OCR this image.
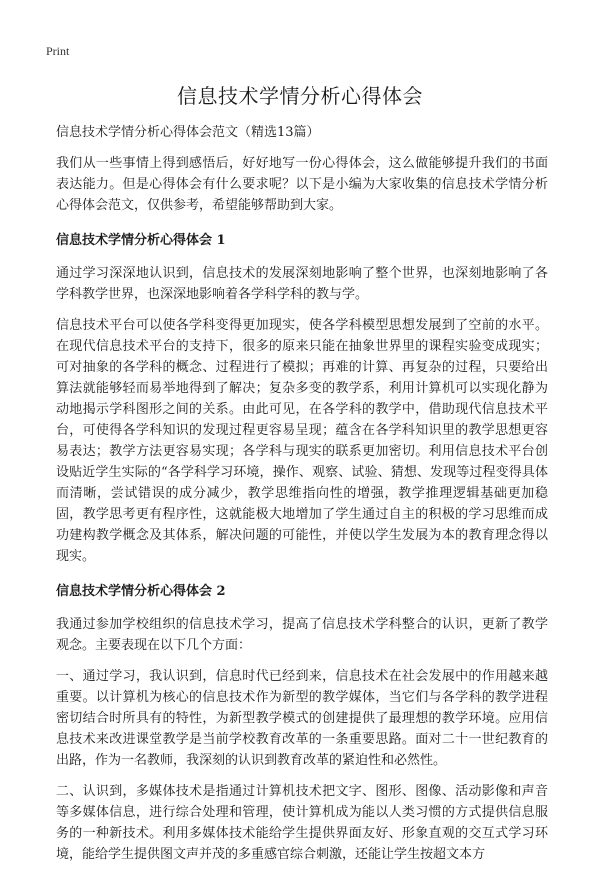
Print
信息技术学情分析心得体会

信息技术学情分析心得体会范文（精选13篇）

我们从一些事情上得到感悟后，好好地写一份心得体会，这么做能够提升我们的书面表达能力。但是心得体会有什么要求呢？以下是小编为大家收集的信息技术学情分析心得体会范文，仅供参考，希望能够帮助到大家。

信息技术学情分析心得体会 1

通过学习深深地认识到，信息技术的发展深刻地影响了整个世界，也深刻地影响了各学科教学世界，也深深地影响着各学科学科的教与学。

信息技术平台可以使各学科变得更加现实，使各学科模型思想发展到了空前的水平。在现代信息技术平台的支持下，很多的原来只能在抽象世界里的课程实验变成现实；可对抽象的各学科的概念、过程进行了模拟；再难的计算、再复杂的过程，只要给出算法就能够轻而易举地得到了解决；复杂多变的教学系，利用计算机可以实现化静为动地揭示学科图形之间的关系。由此可见，在各学科的教学中，借助现代信息技术平台，可使得各学科知识的发现过程更容易呈现；蕴含在各学科知识里的教学思想更容易表达；教学方法更容易实现；各学科与现实的联系更加密切。利用信息技术平台创设贴近学生实际的“各学科学习环境，操作、观察、试验、猜想、发现等过程变得具体而清晰，尝试错误的成分减少，教学思维指向性的增强，教学推理逻辑基础更加稳固，教学思考更有程序性，这就能极大地增加了学生通过自主的积极的学习思维而成功建构教学概念及其体系，解决问题的可能性，并使以学生发展为本的教育理念得以现实。

信息技术学情分析心得体会 2

我通过参加学校组织的信息技术学习，提高了信息技术学科整合的认识，更新了教学观念。主要表现在以下几个方面：

一、通过学习，我认识到，信息时代已经到来，信息技术在社会发展中的作用越来越重要。以计算机为核心的信息技术作为新型的教学媒体，当它们与各学科的教学进程密切结合时所具有的特性，为新型教学模式的创建提供了最理想的教学环境。应用信息技术来改进课堂教学是当前学校教育改革的一条重要思路。面对二十一世纪教育的出路，作为一名教师，我深刻的认识到教育改革的紧迫性和必然性。

二、认识到，多媒体技术是指通过计算机技术把文字、图形、图像、活动影像和声音等多媒体信息，进行综合处理和管理，使计算机成为能以人类习惯的方式提供信息服务的一种新技术。利用多媒体技术能给学生提供界面友好、形象直观的交互式学习环境，能给学生提供图文声并茂的多重感官综合刺激，还能让学生按超文本方
